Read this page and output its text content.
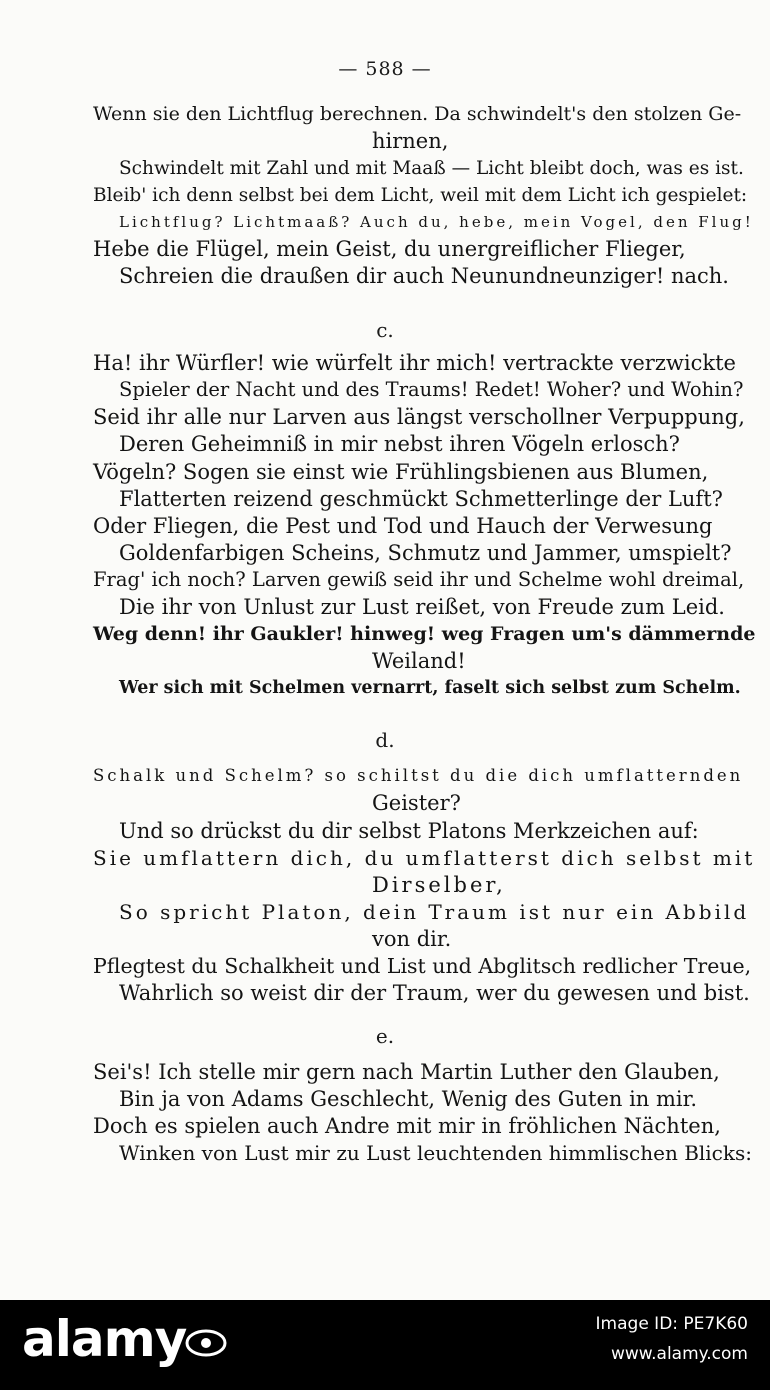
— 588 —
Wenn sie den Lichtflug berechnen. Da schwindelt's den stolzen Ge-
hirnen,
Schwindelt mit Zahl und mit Maaß — Licht bleibt doch, was es ist.
Bleib' ich denn selbst bei dem Licht, weil mit dem Licht ich gespielet:
Lichtflug? Lichtmaaß? Auch du, hebe, mein Vogel, den Flug!
Hebe die Flügel, mein Geist, du unergreiflicher Flieger,
Schreien die draußen dir auch Neunundneunziger! nach.
c.
Ha! ihr Würfler! wie würfelt ihr mich! vertrackte verzwickte
Spieler der Nacht und des Traums! Redet! Woher? und Wohin?
Seid ihr alle nur Larven aus längst verschollner Verpuppung,
Deren Geheimniß in mir nebst ihren Vögeln erlosch?
Vögeln? Sogen sie einst wie Frühlingsbienen aus Blumen,
Flatterten reizend geschmückt Schmetterlinge der Luft?
Oder Fliegen, die Pest und Tod und Hauch der Verwesung
Goldenfarbigen Scheins, Schmutz und Jammer, umspielt?
Frag' ich noch? Larven gewiß seid ihr und Schelme wohl dreimal,
Die ihr von Unlust zur Lust reißet, von Freude zum Leid.
Weg denn! ihr Gaukler! hinweg! weg Fragen um's dämmernde
Weiland!
Wer sich mit Schelmen vernarrt, faselt sich selbst zum Schelm.
d.
Schalk und Schelm? so schiltst du die dich umflatternden
Geister?
Und so drückst du dir selbst Platons Merkzeichen auf:
Sie umflattern dich, du umflatterst dich selbst mit
Dirselber,
So spricht Platon, dein Traum ist nur ein Abbild
von dir.
Pflegtest du Schalkheit und List und Abglitsch redlicher Treue,
Wahrlich so weist dir der Traum, wer du gewesen und bist.
e.
Sei's! Ich stelle mir gern nach Martin Luther den Glauben,
Bin ja von Adams Geschlecht, Wenig des Guten in mir.
Doch es spielen auch Andre mit mir in fröhlichen Nächten,
Winken von Lust mir zu Lust leuchtenden himmlischen Blicks:
alamy	Image ID: PE7K60
www.alamy.com
